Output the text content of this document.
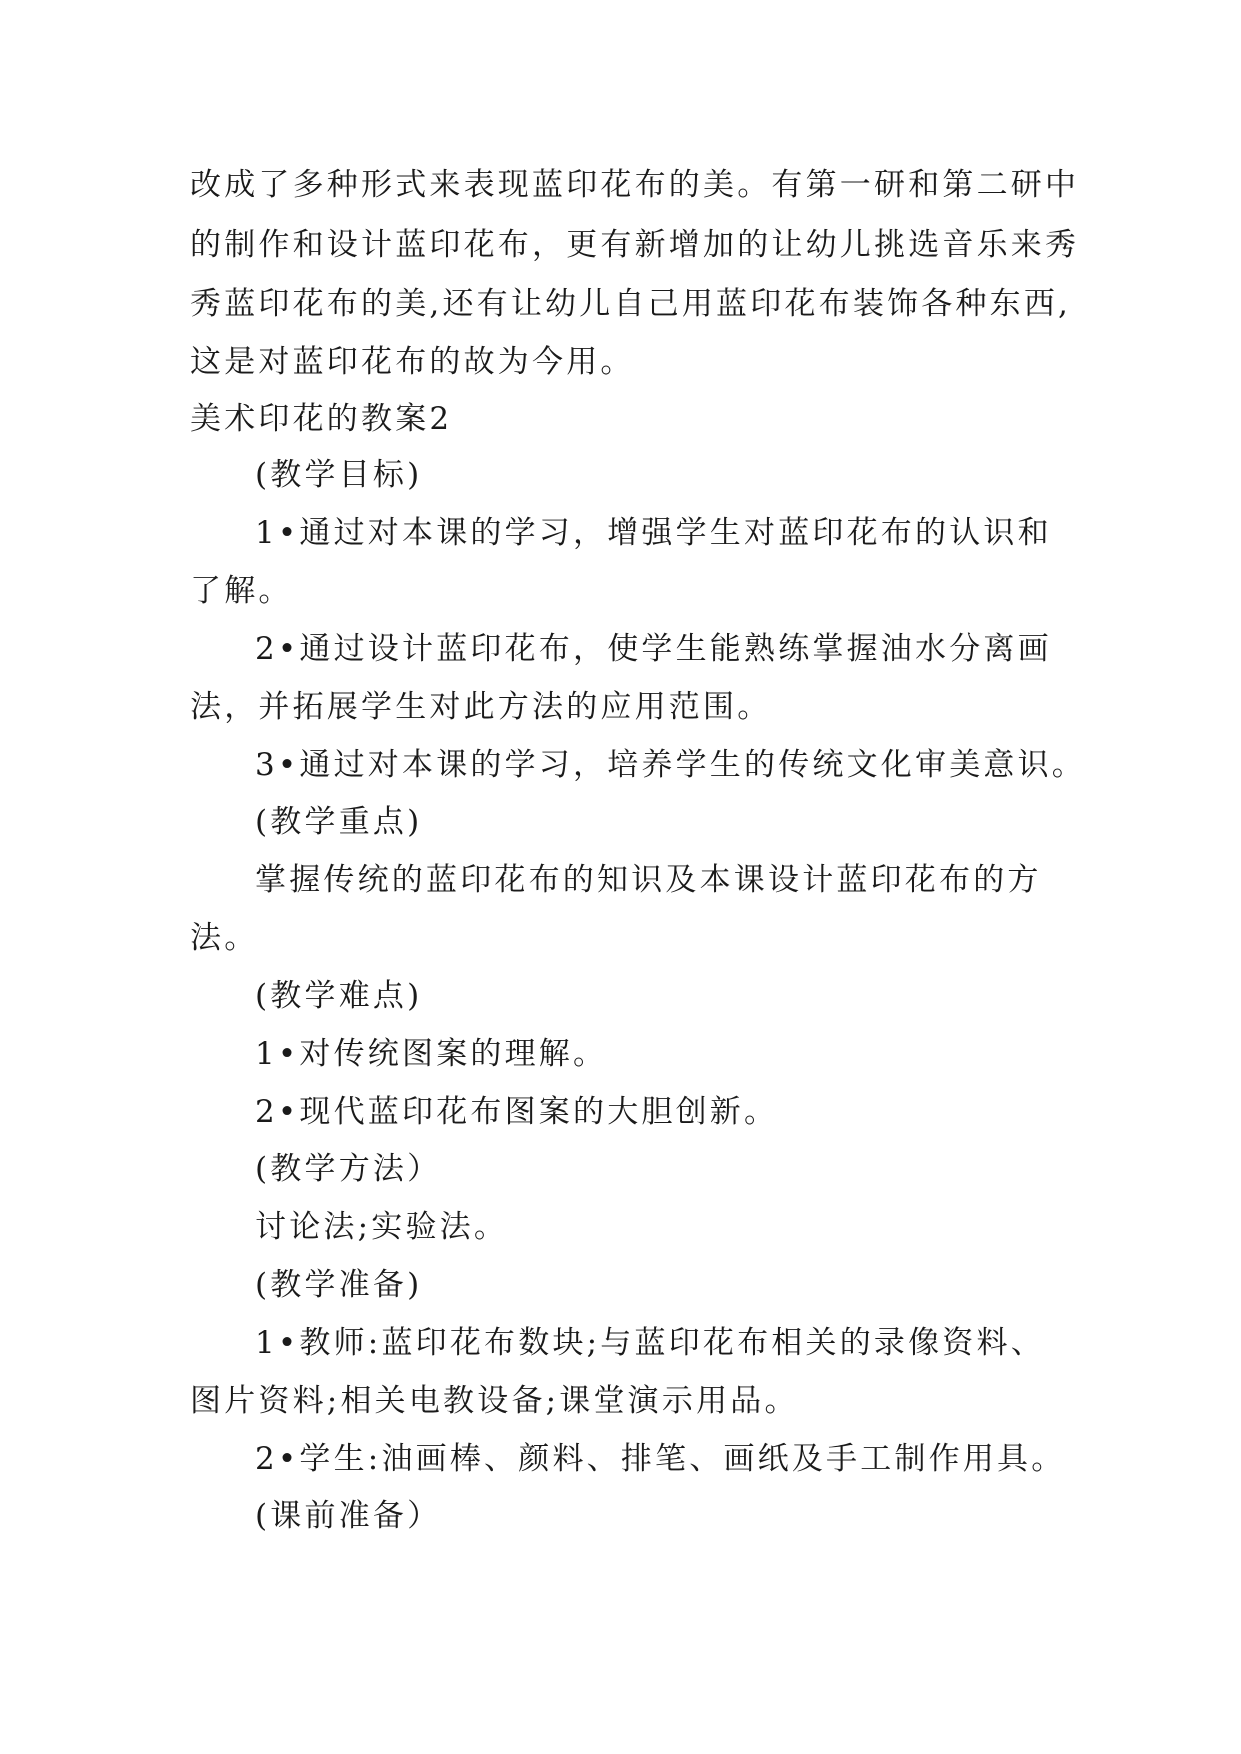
改成了多种形式来表现蓝印花布的美。有第一研和第二研中
的制作和设计蓝印花布，更有新增加的让幼儿挑选音乐来秀
秀蓝印花布的美,还有让幼儿自己用蓝印花布装饰各种东西,
这是对蓝印花布的故为今用。
美术印花的教案2
(教学目标)
1•通过对本课的学习，增强学生对蓝印花布的认识和
了解。
2•通过设计蓝印花布，使学生能熟练掌握油水分离画
法，并拓展学生对此方法的应用范围。
3•通过对本课的学习，培养学生的传统文化审美意识。
(教学重点)
掌握传统的蓝印花布的知识及本课设计蓝印花布的方
法。
(教学难点)
1•对传统图案的理解。
2•现代蓝印花布图案的大胆创新。
(教学方法）
讨论法;实验法。
(教学准备)
1•教师:蓝印花布数块;与蓝印花布相关的录像资料、
图片资料;相关电教设备;课堂演示用品。
2•学生:油画棒、颜料、排笔、画纸及手工制作用具。
(课前准备）
